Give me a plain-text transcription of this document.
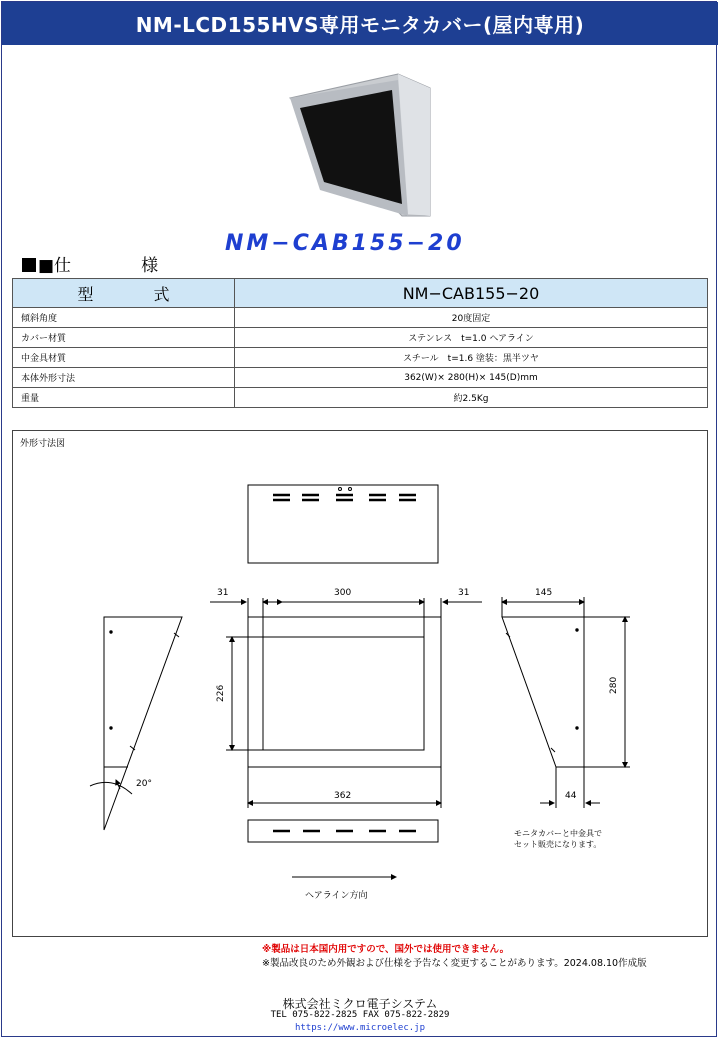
NM-LCD155HVS専用モニタカバー(屋内専用)
NM−CAB155−20
■仕	様
型式	NM−CAB155−20
傾斜角度	20度固定
カバー材質	ステンレス　t=1.0 ヘアライン
中金具材質	スチール　t=1.6 塗装：黒半ツヤ
本体外形寸法	362(W)× 280(H)× 145(D)mm
重量	約2.5Kg
外形寸法図
31	300	31	145
362	44
20°
226	280
モニタカバーと中金具で
セット販売になります。
ヘアライン方向
※製品は日本国内用ですので、国外では使用できません。
※製品改良のため外観および仕様を予告なく変更することがあります。2024.08.10作成版
株式会社ミクロ電子システム
TEL 075-822-2825 FAX 075-822-2829
https://www.microelec.jp
